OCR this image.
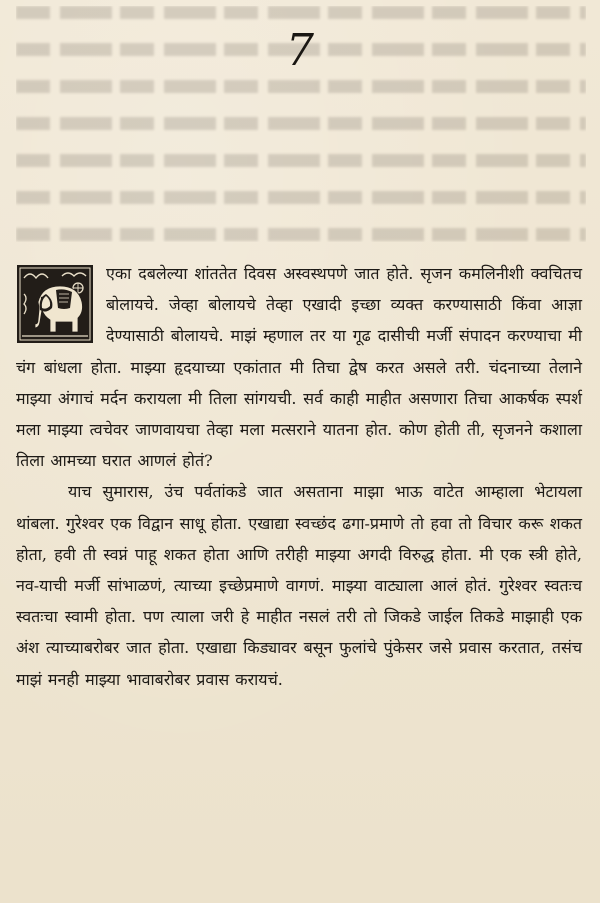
7

एका दबलेल्या शांततेत दिवस अस्वस्थपणे जात होते. सृजन कमलिनीशी क्वचितच बोलायचे. जेव्हा बोलायचे तेव्हा एखादी इच्छा व्यक्त करण्यासाठी किंवा आज्ञा देण्यासाठी बोलायचे. माझं म्हणाल तर या गूढ दासीची मर्जी संपादन करण्याचा मी चंग बांधला होता. माझ्या हृदयाच्या एकांतात मी तिचा द्वेष करत असले तरी. चंदनाच्या तेलाने माझ्या अंगाचं मर्दन करायला मी तिला सांगयची. सर्व काही माहीत असणारा तिचा आकर्षक स्पर्श मला माझ्या त्वचेवर जाणवायचा तेव्हा मला मत्सराने यातना होत. कोण होती ती, सृजनने कशाला तिला आमच्या घरात आणलं होतं?

याच सुमारास, उंच पर्वतांकडे जात असताना माझा भाऊ वाटेत आम्हाला भेटायला थांबला. गुरेश्वर एक विद्वान साधू होता. एखाद्या स्वच्छंद ढगा-प्रमाणे तो हवा तो विचार करू शकत होता, हवी ती स्वप्नं पाहू शकत होता आणि तरीही माझ्या अगदी विरुद्ध होता. मी एक स्त्री होते, नव-याची मर्जी सांभाळणं, त्याच्या इच्छेप्रमाणे वागणं. माझ्या वाट्याला आलं होतं. गुरेश्वर स्वतःच स्वतःचा स्वामी होता. पण त्याला जरी हे माहीत नसलं तरी तो जिकडे जाईल तिकडे माझाही एक अंश त्याच्याबरोबर जात होता. एखाद्या किड्यावर बसून फुलांचे पुंकेसर जसे प्रवास करतात, तसंच माझं मनही माझ्या भावाबरोबर प्रवास करायचं.
